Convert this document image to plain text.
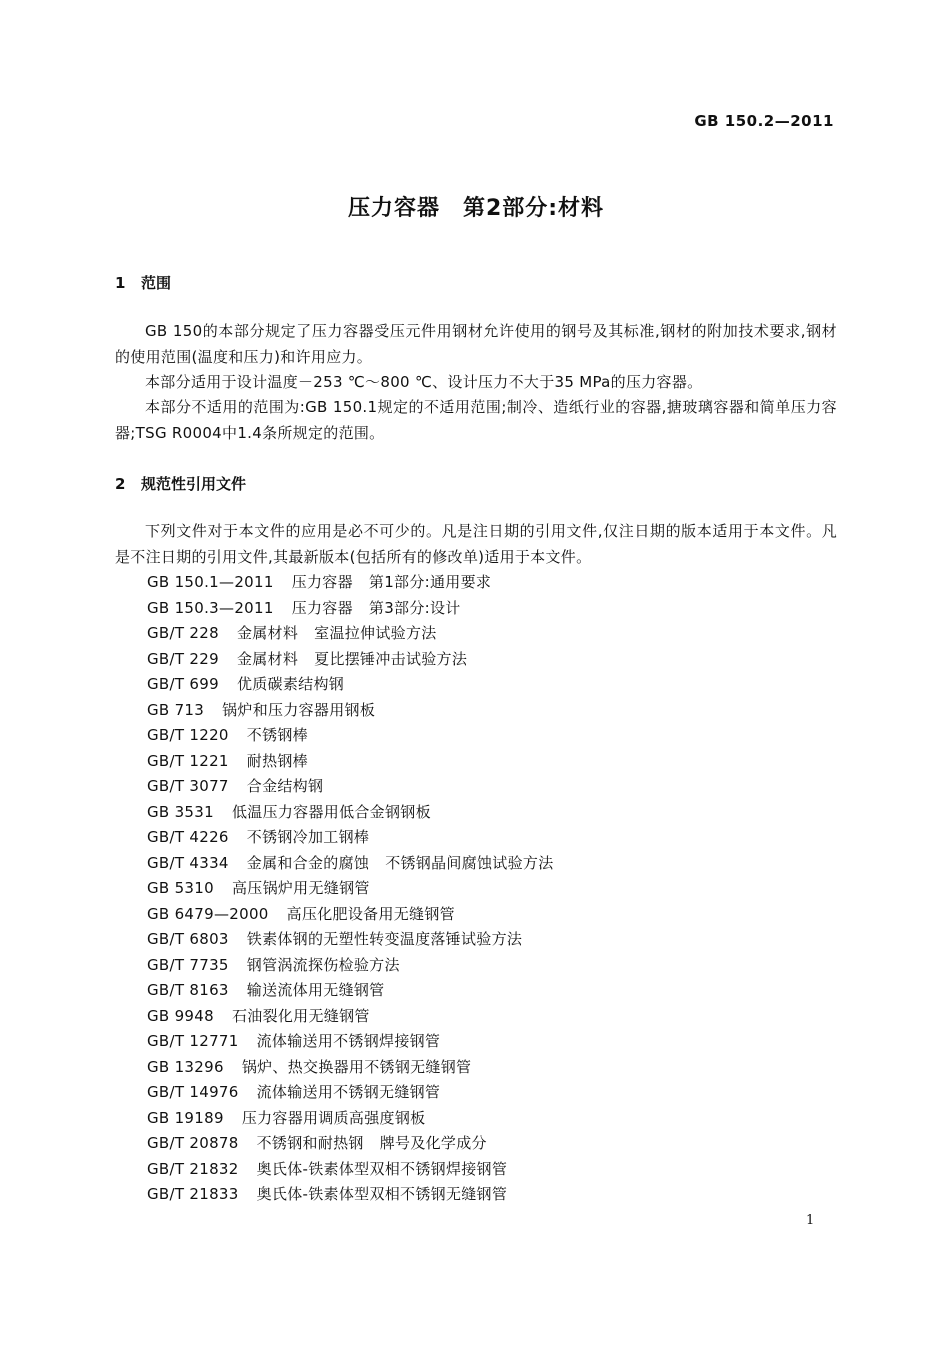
GB 150.2—2011
压力容器　第2部分:材料
1 范围
GB 150的本部分规定了压力容器受压元件用钢材允许使用的钢号及其标准,钢材的附加技术要求,钢材的使用范围(温度和压力)和许用应力。
本部分适用于设计温度－253 ℃～800 ℃、设计压力不大于35 MPa的压力容器。
本部分不适用的范围为:GB 150.1规定的不适用范围;制冷、造纸行业的容器,搪玻璃容器和简单压力容器;TSG R0004中1.4条所规定的范围。
2 规范性引用文件
下列文件对于本文件的应用是必不可少的。凡是注日期的引用文件,仅注日期的版本适用于本文件。凡是不注日期的引用文件,其最新版本(包括所有的修改单)适用于本文件。
GB 150.1—2011 压力容器 第1部分:通用要求
GB 150.3—2011 压力容器 第3部分:设计
GB/T 228 金属材料 室温拉伸试验方法
GB/T 229 金属材料 夏比摆锤冲击试验方法
GB/T 699 优质碳素结构钢
GB 713 锅炉和压力容器用钢板
GB/T 1220 不锈钢棒
GB/T 1221 耐热钢棒
GB/T 3077 合金结构钢
GB 3531 低温压力容器用低合金钢钢板
GB/T 4226 不锈钢冷加工钢棒
GB/T 4334 金属和合金的腐蚀 不锈钢晶间腐蚀试验方法
GB 5310 高压锅炉用无缝钢管
GB 6479—2000 高压化肥设备用无缝钢管
GB/T 6803 铁素体钢的无塑性转变温度落锤试验方法
GB/T 7735 钢管涡流探伤检验方法
GB/T 8163 输送流体用无缝钢管
GB 9948 石油裂化用无缝钢管
GB/T 12771 流体输送用不锈钢焊接钢管
GB 13296 锅炉、热交换器用不锈钢无缝钢管
GB/T 14976 流体输送用不锈钢无缝钢管
GB 19189 压力容器用调质高强度钢板
GB/T 20878 不锈钢和耐热钢 牌号及化学成分
GB/T 21832 奥氏体-铁素体型双相不锈钢焊接钢管
GB/T 21833 奥氏体-铁素体型双相不锈钢无缝钢管
1
